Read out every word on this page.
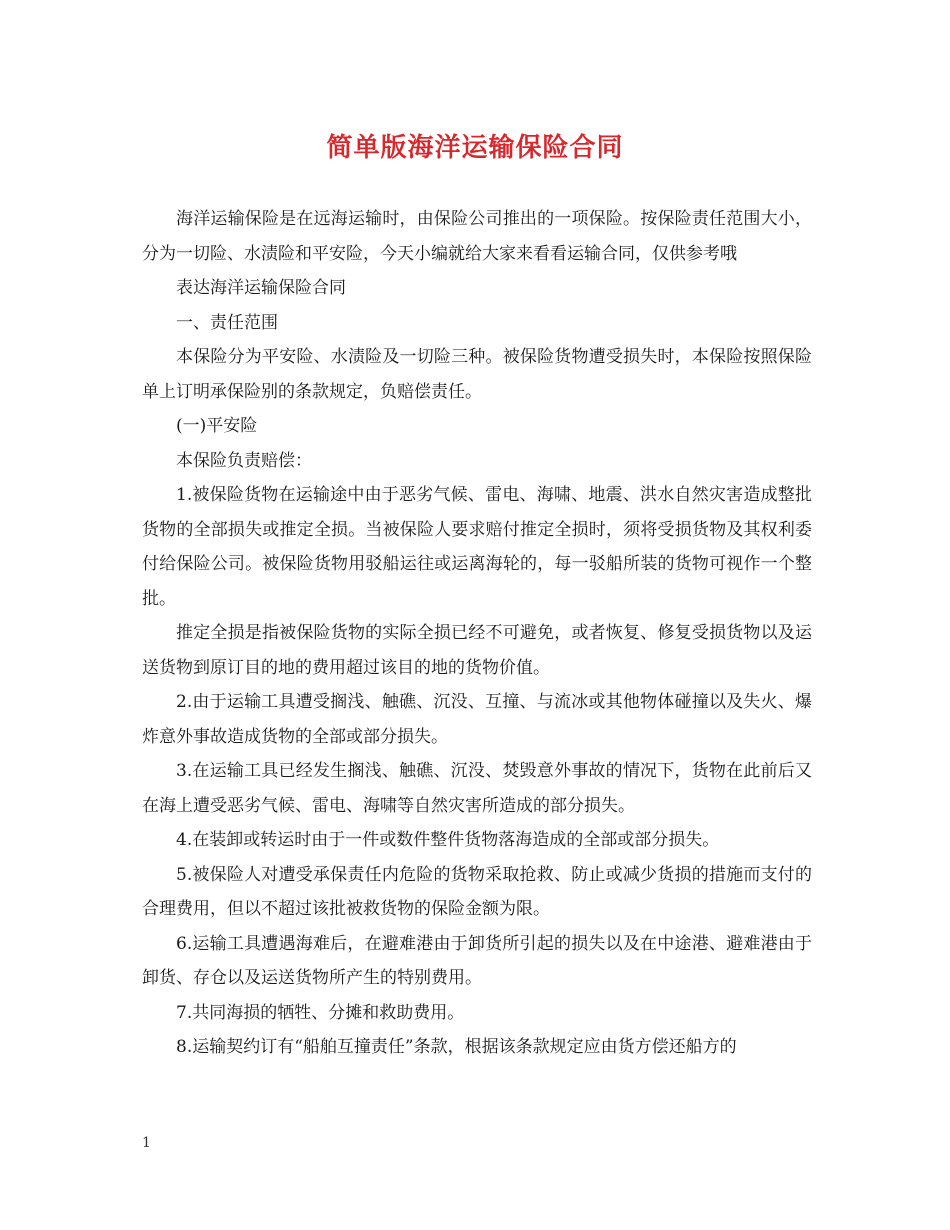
简单版海洋运输保险合同

海洋运输保险是在远海运输时，由保险公司推出的一项保险。按保险责任范围大小，分为一切险、水渍险和平安险，今天小编就给大家来看看运输合同，仅供参考哦

表达海洋运输保险合同

一、责任范围

本保险分为平安险、水渍险及一切险三种。被保险货物遭受损失时，本保险按照保险单上订明承保险别的条款规定，负赔偿责任。

(一)平安险

本保险负责赔偿：

1.被保险货物在运输途中由于恶劣气候、雷电、海啸、地震、洪水自然灾害造成整批货物的全部损失或推定全损。当被保险人要求赔付推定全损时，须将受损货物及其权利委付给保险公司。被保险货物用驳船运往或运离海轮的，每一驳船所装的货物可视作一个整批。

推定全损是指被保险货物的实际全损已经不可避免，或者恢复、修复受损货物以及运送货物到原订目的地的费用超过该目的地的货物价值。

2.由于运输工具遭受搁浅、触礁、沉没、互撞、与流冰或其他物体碰撞以及失火、爆炸意外事故造成货物的全部或部分损失。

3.在运输工具已经发生搁浅、触礁、沉没、焚毁意外事故的情况下，货物在此前后又在海上遭受恶劣气候、雷电、海啸等自然灾害所造成的部分损失。

4.在装卸或转运时由于一件或数件整件货物落海造成的全部或部分损失。

5.被保险人对遭受承保责任内危险的货物采取抢救、防止或减少货损的措施而支付的合理费用，但以不超过该批被救货物的保险金额为限。

6.运输工具遭遇海难后，在避难港由于卸货所引起的损失以及在中途港、避难港由于卸货、存仓以及运送货物所产生的特别费用。

7.共同海损的牺牲、分摊和救助费用。

8.运输契约订有“船舶互撞责任”条款，根据该条款规定应由货方偿还船方的

1
